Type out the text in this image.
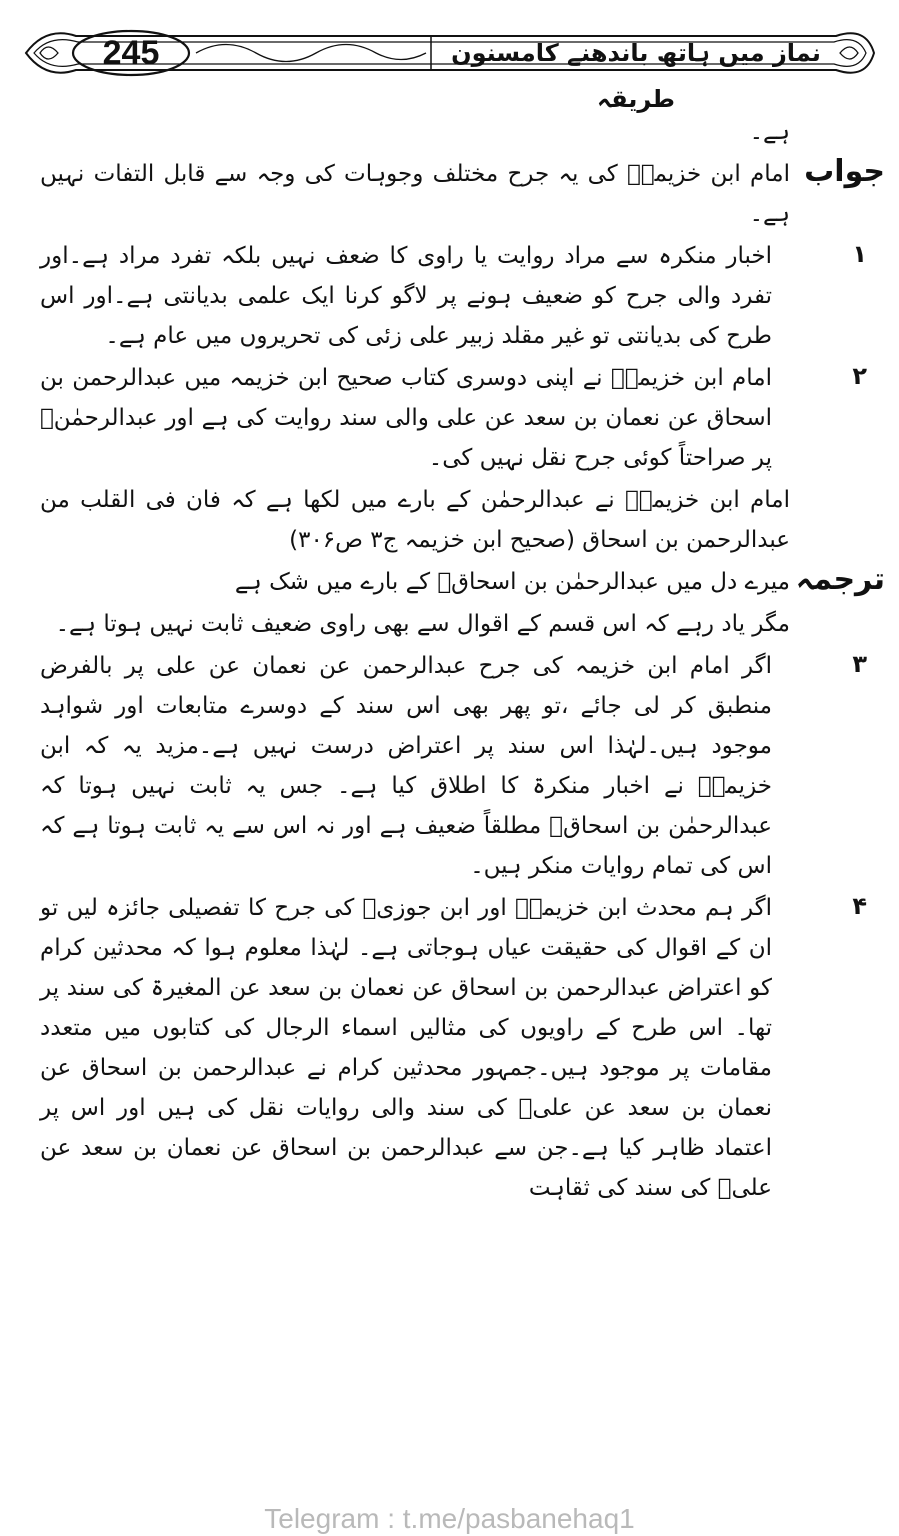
245	نماز میں ہاتھ باندھنے کامسنون طریقہ
ہے۔
جواب
امام ابن خزیمہؒ کی یہ جرح مختلف وجوہات کی وجہ سے قابل التفات نہیں ہے۔
۱
اخبار منکرہ سے مراد روایت یا راوی کا ضعف نہیں بلکہ تفرد مراد ہے۔اور تفرد والی جرح کو ضعیف ہونے پر لاگو کرنا ایک علمی بدیانتی ہے۔اور اس طرح کی بدیانتی تو غیر مقلد زبیر علی زئی کی تحریروں میں عام ہے۔
۲
امام ابن خزیمہؒ نے اپنی دوسری کتاب صحیح ابن خزیمہ میں عبدالرحمن بن اسحاق عن نعمان بن سعد عن علی والی سند روایت کی ہے اور عبدالرحمٰنؒ پر صراحتاً کوئی جرح نقل نہیں کی۔
امام ابن خزیمہؒ نے عبدالرحمٰن کے بارے میں لکھا ہے کہ فان فی القلب من عبدالرحمن بن اسحاق (صحیح ابن خزیمہ ج۳ ص۳۰۶)
ترجمہ
میرے دل میں عبدالرحمٰن بن اسحاقؒ کے بارے میں شک ہے
مگر یاد رہے کہ اس قسم کے اقوال سے بھی راوی ضعیف ثابت نہیں ہوتا ہے۔
۳
اگر امام ابن خزیمہ کی جرح عبدالرحمن عن نعمان عن علی پر بالفرض منطبق کر لی جائے ،تو پھر بھی اس سند کے دوسرے متابعات اور شواہد موجود ہیں۔لہٰذا اس سند پر اعتراض درست نہیں ہے۔مزید یہ کہ ابن خزیمہؒ نے اخبار منکرۃ کا اطلاق کیا ہے۔ جس یہ ثابت نہیں ہوتا کہ عبدالرحمٰن بن اسحاقؒ مطلقاً ضعیف ہے اور نہ اس سے یہ ثابت ہوتا ہے کہ اس کی تمام روایات منکر ہیں۔
۴
اگر ہم محدث ابن خزیمہؒ اور ابن جوزیؒ کی جرح کا تفصیلی جائزہ لیں تو ان کے اقوال کی حقیقت عیاں ہوجاتی ہے۔ لہٰذا معلوم ہوا کہ محدثین کرام کو اعتراض عبدالرحمن بن اسحاق عن نعمان بن سعد عن المغیرۃ کی سند پر تھا۔ اس طرح کے راویوں کی مثالیں اسماء الرجال کی کتابوں میں متعدد مقامات پر موجود ہیں۔جمہور محدثین کرام نے عبدالرحمن بن اسحاق عن نعمان بن سعد عن علیؓ کی سند والی روایات نقل کی ہیں اور اس پر اعتماد ظاہر کیا ہے۔جن سے عبدالرحمن بن اسحاق عن نعمان بن سعد عن علیؓ کی سند کی ثقاہت
Telegram : t.me/pasbanehaq1
